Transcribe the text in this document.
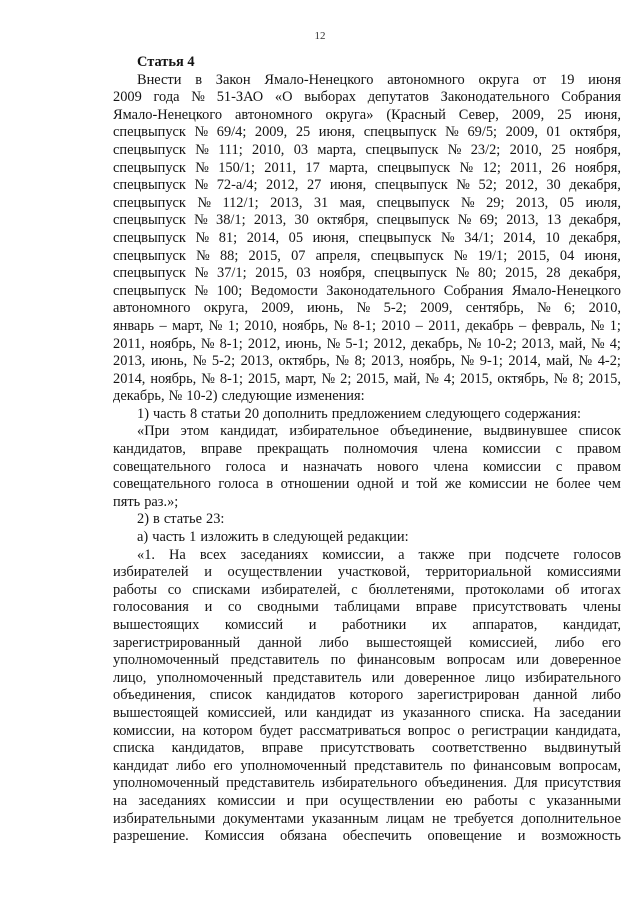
12
Статья 4
Внести в Закон Ямало-Ненецкого автономного округа от 19 июня
2009 года № 51-ЗАО «О выборах депутатов Законодательного Собрания
Ямало-Ненецкого автономного округа» (Красный Север, 2009, 25 июня,
спецвыпуск № 69/4; 2009, 25 июня, спецвыпуск № 69/5; 2009, 01 октября,
спецвыпуск № 111; 2010, 03 марта, спецвыпуск № 23/2; 2010, 25 ноября,
спецвыпуск № 150/1; 2011, 17 марта, спецвыпуск № 12; 2011, 26 ноября,
спецвыпуск № 72-а/4; 2012, 27 июня, спецвыпуск № 52; 2012, 30 декабря,
спецвыпуск № 112/1; 2013, 31 мая, спецвыпуск № 29; 2013, 05 июля,
спецвыпуск № 38/1; 2013, 30 октября, спецвыпуск № 69; 2013, 13 декабря,
спецвыпуск № 81; 2014, 05 июня, спецвыпуск № 34/1; 2014, 10 декабря,
спецвыпуск № 88; 2015, 07 апреля, спецвыпуск № 19/1; 2015, 04 июня,
спецвыпуск № 37/1; 2015, 03 ноября, спецвыпуск № 80; 2015, 28 декабря,
спецвыпуск № 100; Ведомости Законодательного Собрания Ямало-Ненецкого
автономного округа, 2009, июнь, № 5-2; 2009, сентябрь, № 6; 2010,
январь – март, № 1; 2010, ноябрь, № 8-1; 2010 – 2011, декабрь – февраль, № 1;
2011, ноябрь, № 8-1; 2012, июнь, № 5-1; 2012, декабрь, № 10-2; 2013, май, № 4;
2013, июнь, № 5-2; 2013, октябрь, № 8; 2013, ноябрь, № 9-1; 2014, май, № 4-2;
2014, ноябрь, № 8-1; 2015, март, № 2; 2015, май, № 4; 2015, октябрь, № 8; 2015,
декабрь, № 10-2) следующие изменения:
1) часть 8 статьи 20 дополнить предложением следующего содержания:
«При этом кандидат, избирательное объединение, выдвинувшее список
кандидатов, вправе прекращать полномочия члена комиссии с правом
совещательного голоса и назначать нового члена комиссии с правом
совещательного голоса в отношении одной и той же комиссии не более чем
пять раз.»;
2) в статье 23:
а) часть 1 изложить в следующей редакции:
«1. На всех заседаниях комиссии, а также при подсчете голосов
избирателей и осуществлении участковой, территориальной комиссиями
работы со списками избирателей, с бюллетенями, протоколами об итогах
голосования и со сводными таблицами вправе присутствовать члены
вышестоящих комиссий и работники их аппаратов, кандидат,
зарегистрированный данной либо вышестоящей комиссией, либо его
уполномоченный представитель по финансовым вопросам или доверенное
лицо, уполномоченный представитель или доверенное лицо избирательного
объединения, список кандидатов которого зарегистрирован данной либо
вышестоящей комиссией, или кандидат из указанного списка. На заседании
комиссии, на котором будет рассматриваться вопрос о регистрации кандидата,
списка кандидатов, вправе присутствовать соответственно выдвинутый
кандидат либо его уполномоченный представитель по финансовым вопросам,
уполномоченный представитель избирательного объединения. Для присутствия
на заседаниях комиссии и при осуществлении ею работы с указанными
избирательными документами указанным лицам не требуется дополнительное
разрешение. Комиссия обязана обеспечить оповещение и возможность
